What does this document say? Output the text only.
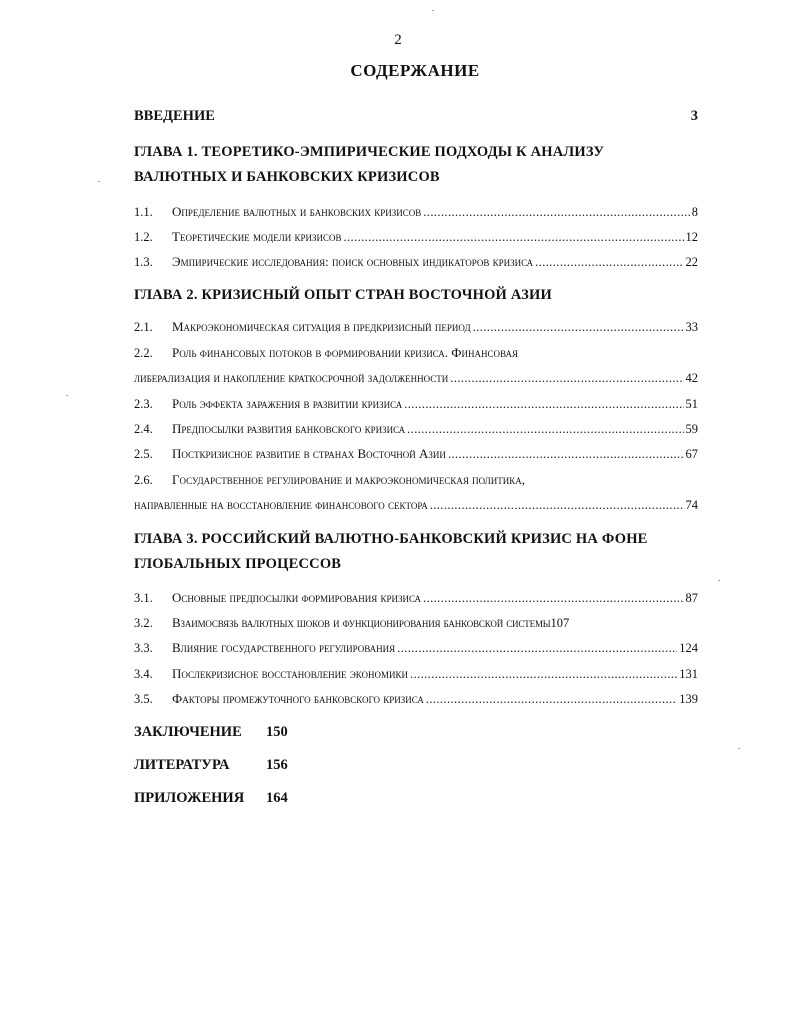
2
СОДЕРЖАНИЕ
ВВЕДЕНИЕ	3
ГЛАВА 1. ТЕОРЕТИКО-ЭМПИРИЧЕСКИЕ ПОДХОДЫ К АНАЛИЗУ
ВАЛЮТНЫХ И БАНКОВСКИХ КРИЗИСОВ
1.1.	Определение валютных и банковских кризисов .....	8
1.2.	Теоретические модели кризисов .....	12
1.3.	Эмпирические исследования: поиск основных индикаторов кризиса .....	22
ГЛАВА 2. КРИЗИСНЫЙ ОПЫТ СТРАН ВОСТОЧНОЙ АЗИИ
2.1.	Макроэкономическая ситуация в предкризисный период .....	33
2.2. Роль финансовых потоков в формировании кризиса. Финансовая
либерализация и накопление краткосрочной задолженности .....	42
2.3.	Роль эффекта заражения в развитии кризиса .....	51
2.4.	Предпосылки развития банковского кризиса .....	59
2.5.	Посткризисное развитие в странах Восточной Азии .....	67
2.6. Государственное регулирование и макроэкономическая политика,
направленные на восстановление финансового сектора .....	74
ГЛАВА 3. РОССИЙСКИЙ ВАЛЮТНО-БАНКОВСКИЙ КРИЗИС НА ФОНЕ
ГЛОБАЛЬНЫХ ПРОЦЕССОВ
3.1.	Основные предпосылки формирования кризиса .....	87
3.2.	Взаимосвязь валютных шоков и функционирования банковской системы 107
3.3.	Влияние государственного регулирования .....	124
3.4.	Послекризисное восстановление экономики .....	131
3.5.	Факторы промежуточного банковского кризиса .....	139
ЗАКЛЮЧЕНИЕ 150
ЛИТЕРАТУРА	156
ПРИЛОЖЕНИЯ 164
